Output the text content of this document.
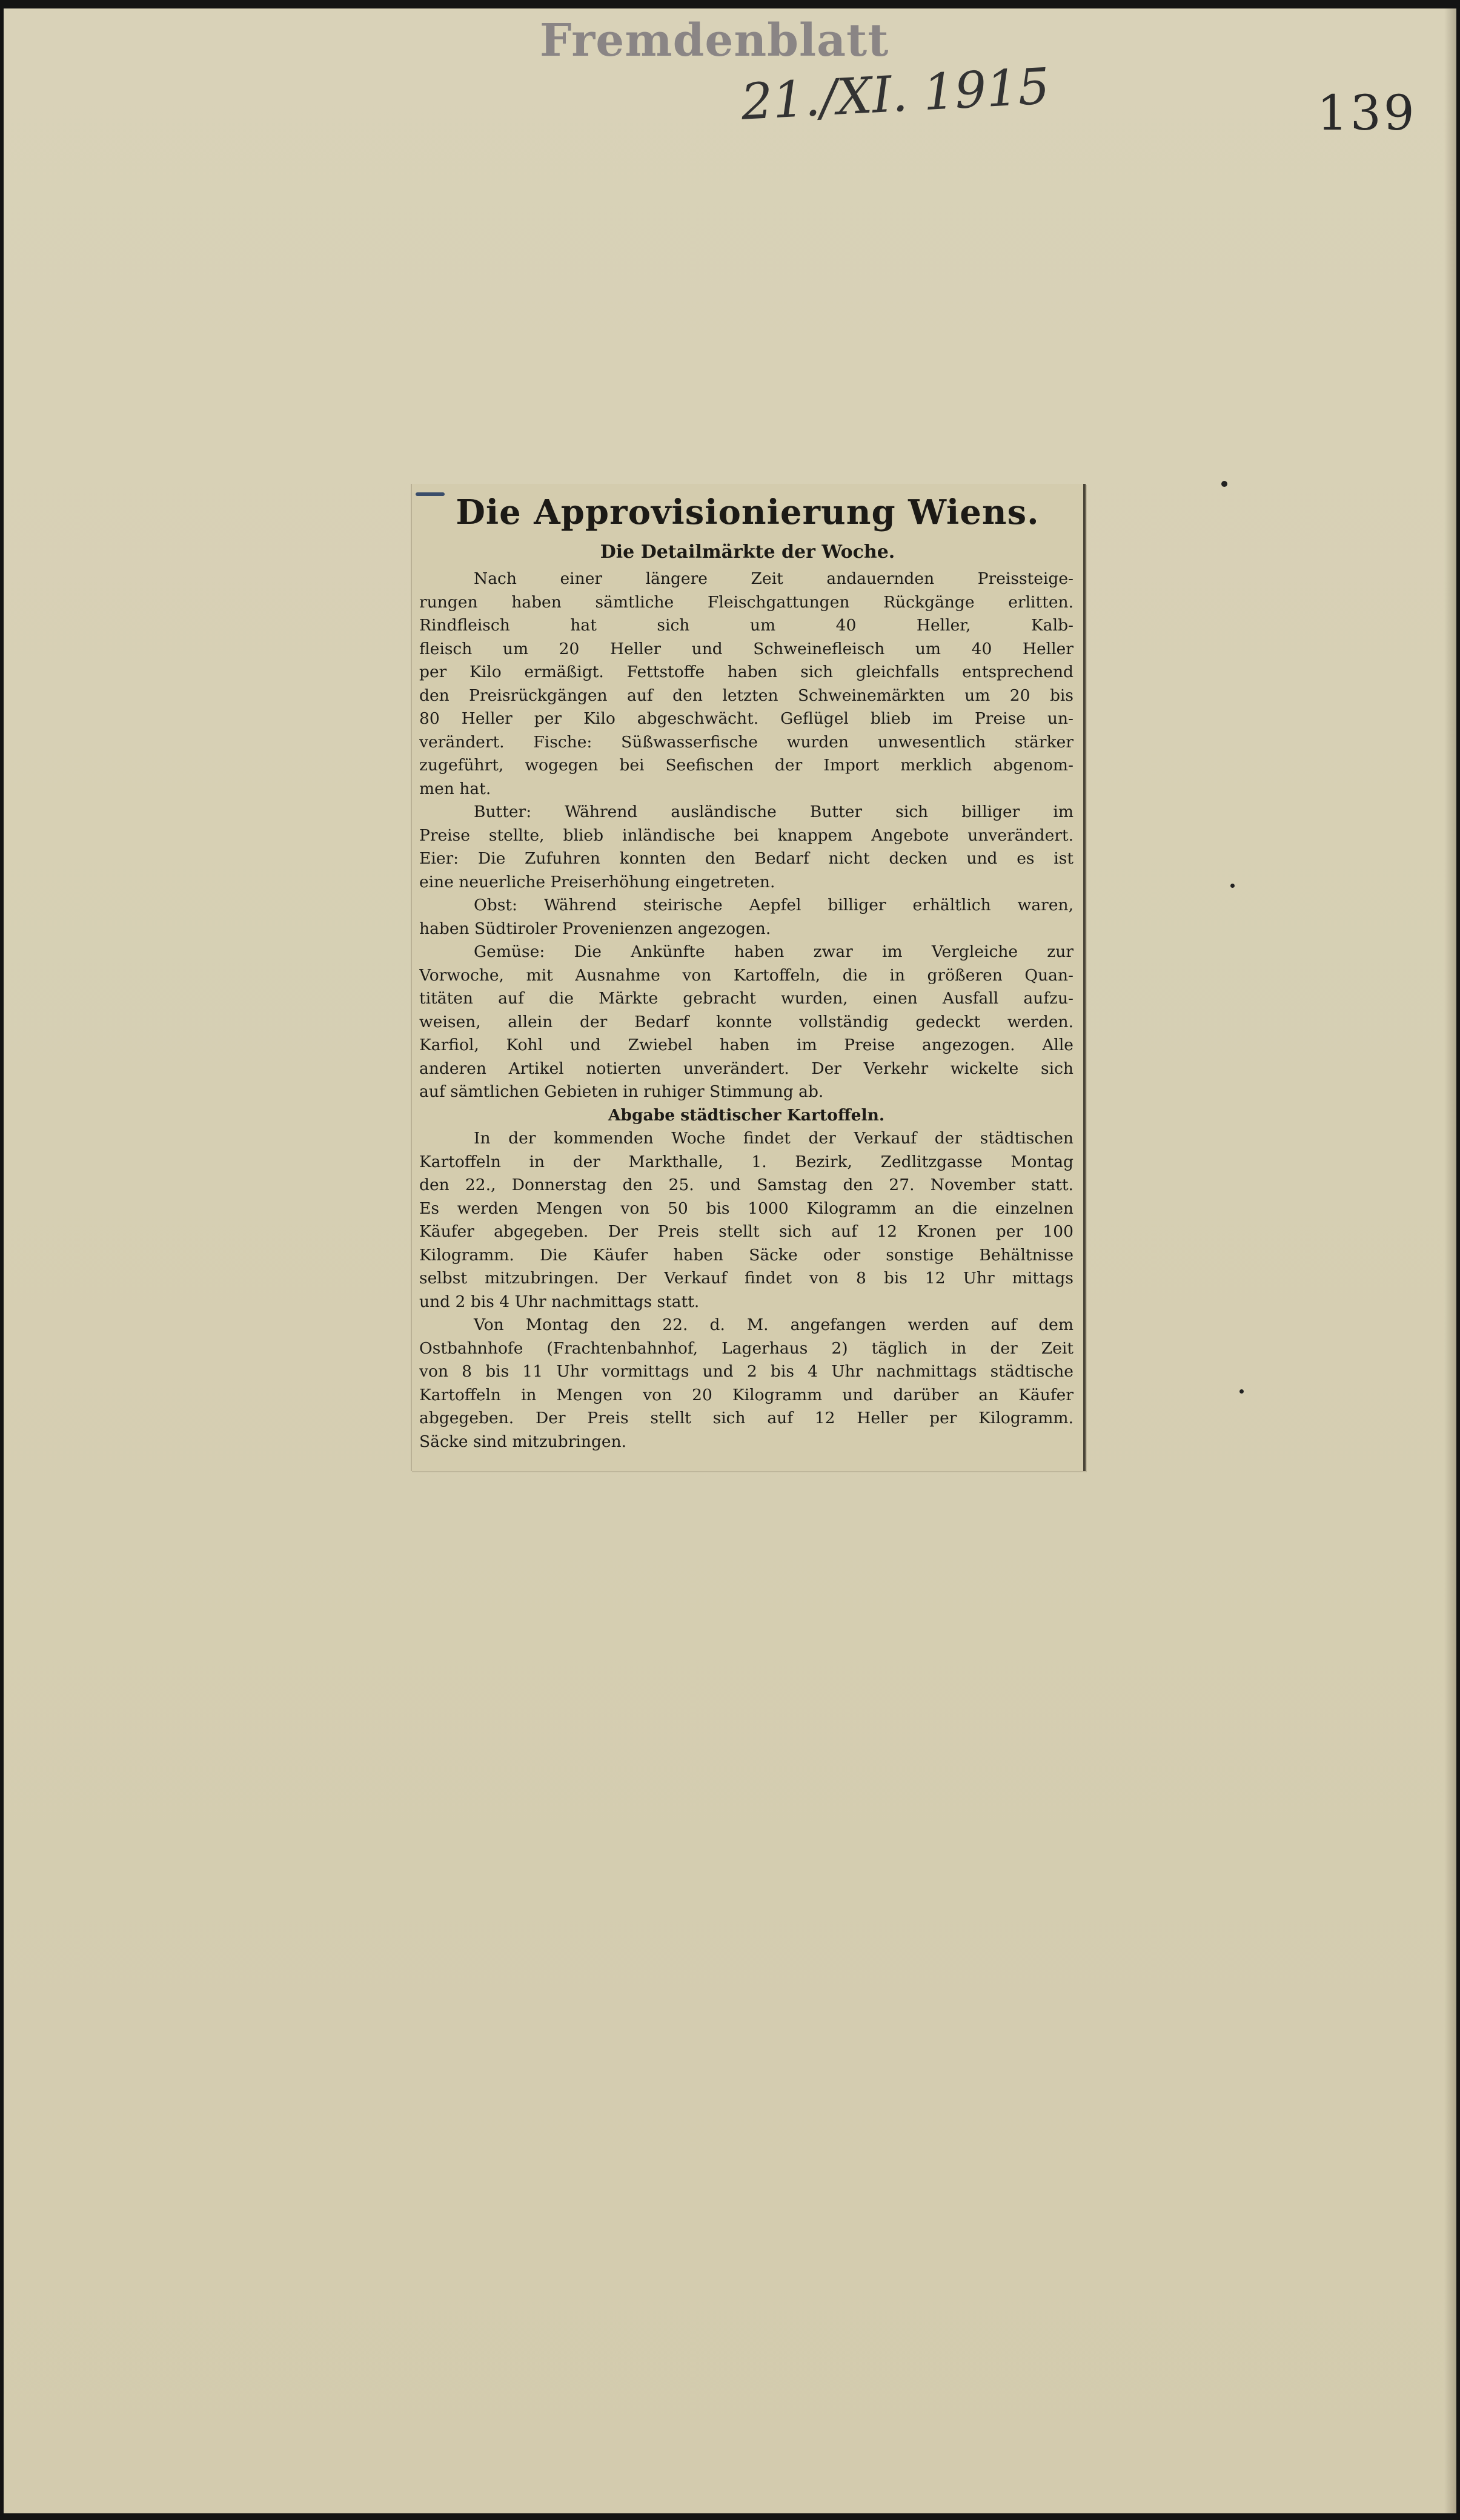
Fremdenblatt
21./XI. 1915	139
Die Approvisionierung Wiens.
Die Detailmärkte der Woche.
Nach einer längere Zeit andauernden Preissteige-
rungen haben sämtliche Fleischgattungen Rückgänge erlitten.
Rindfleisch hat sich um 40 Heller, Kalb-
fleisch um 20 Heller und Schweinefleisch um 40 Heller
per Kilo ermäßigt. Fettstoffe haben sich gleichfalls entsprechend
den Preisrückgängen auf den letzten Schweinemärkten um 20 bis
80 Heller per Kilo abgeschwächt. Geflügel blieb im Preise un-
verändert. Fische: Süßwasserfische wurden unwesentlich stärker
zugeführt, wogegen bei Seefischen der Import merklich abgenom-
men hat.
Butter: Während ausländische Butter sich billiger im
Preise stellte, blieb inländische bei knappem Angebote unverändert.
Eier: Die Zufuhren konnten den Bedarf nicht decken und es ist
eine neuerliche Preiserhöhung eingetreten.
Obst: Während steirische Aepfel billiger erhältlich waren,
haben Südtiroler Provenienzen angezogen.
Gemüse: Die Ankünfte haben zwar im Vergleiche zur
Vorwoche, mit Ausnahme von Kartoffeln, die in größeren Quan-
titäten auf die Märkte gebracht wurden, einen Ausfall aufzu-
weisen, allein der Bedarf konnte vollständig gedeckt werden.
Karfiol, Kohl und Zwiebel haben im Preise angezogen. Alle
anderen Artikel notierten unverändert. Der Verkehr wickelte sich
auf sämtlichen Gebieten in ruhiger Stimmung ab.
Abgabe städtischer Kartoffeln.
In der kommenden Woche findet der Verkauf der städtischen
Kartoffeln in der Markthalle, 1. Bezirk, Zedlitzgasse Montag
den 22., Donnerstag den 25. und Samstag den 27. November statt.
Es werden Mengen von 50 bis 1000 Kilogramm an die einzelnen
Käufer abgegeben. Der Preis stellt sich auf 12 Kronen per 100
Kilogramm. Die Käufer haben Säcke oder sonstige Behältnisse
selbst mitzubringen. Der Verkauf findet von 8 bis 12 Uhr mittags
und 2 bis 4 Uhr nachmittags statt.
Von Montag den 22. d. M. angefangen werden auf dem
Ostbahnhofe (Frachtenbahnhof, Lagerhaus 2) täglich in der Zeit
von 8 bis 11 Uhr vormittags und 2 bis 4 Uhr nachmittags städtische
Kartoffeln in Mengen von 20 Kilogramm und darüber an Käufer
abgegeben. Der Preis stellt sich auf 12 Heller per Kilogramm.
Säcke sind mitzubringen.
